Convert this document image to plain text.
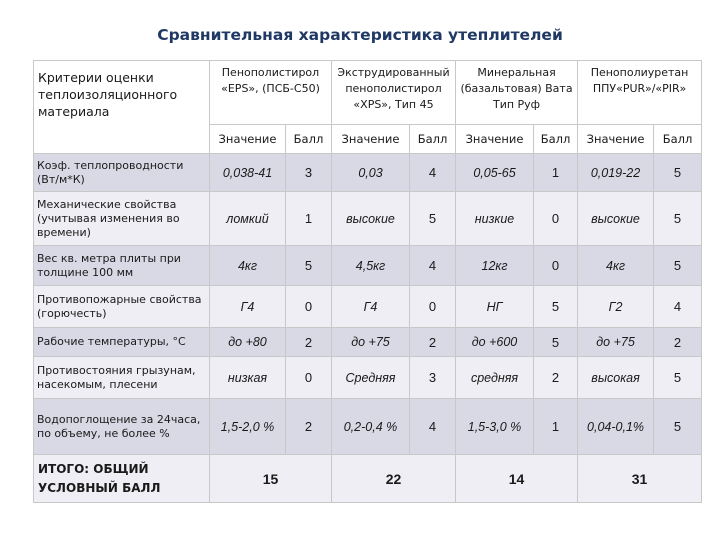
Сравнительная характеристика утеплителей
Критерии оценки теплоизоляционного материала	Пенополистирол «EPS», (ПСБ-С50)		Экструдированный пенополистирол «XPS», Тип 45		Минеральная (базальтовая) Вата Тип Руф		Пенополиуретан ППУ«PUR»/«PIR»	
	Значение	Балл	Значение	Балл	Значение	Балл	Значение	Балл
Коэф. теплопроводности (Вт/м*К)	0,038-41	3	0,03	4	0,05-65	1	0,019-22	5
Механические свойства (учитывая изменения во времени)	ломкий	1	высокие	5	низкие	0	высокие	5
Вес кв. метра плиты при толщине 100 мм	4кг	5	4,5кг	4	12кг	0	4кг	5
Противопожарные свойства (горючесть)	Г4	0	Г4	0	НГ	5	Г2	4
Рабочие температуры, °С	до +80	2	до +75	2	до +600	5	до +75	2
Противостояния грызунам, насекомым, плесени	низкая	0	Средняя	3	средняя	2	высокая	5
Водопоглощение за 24часа, по объему, не более %	1,5-2,0 %	2	0,2-0,4 %	4	1,5-3,0 %	1	0,04-0,1%	5
ИТОГО: ОБЩИЙ УСЛОВНЫЙ БАЛЛ	15		22		14		31	
